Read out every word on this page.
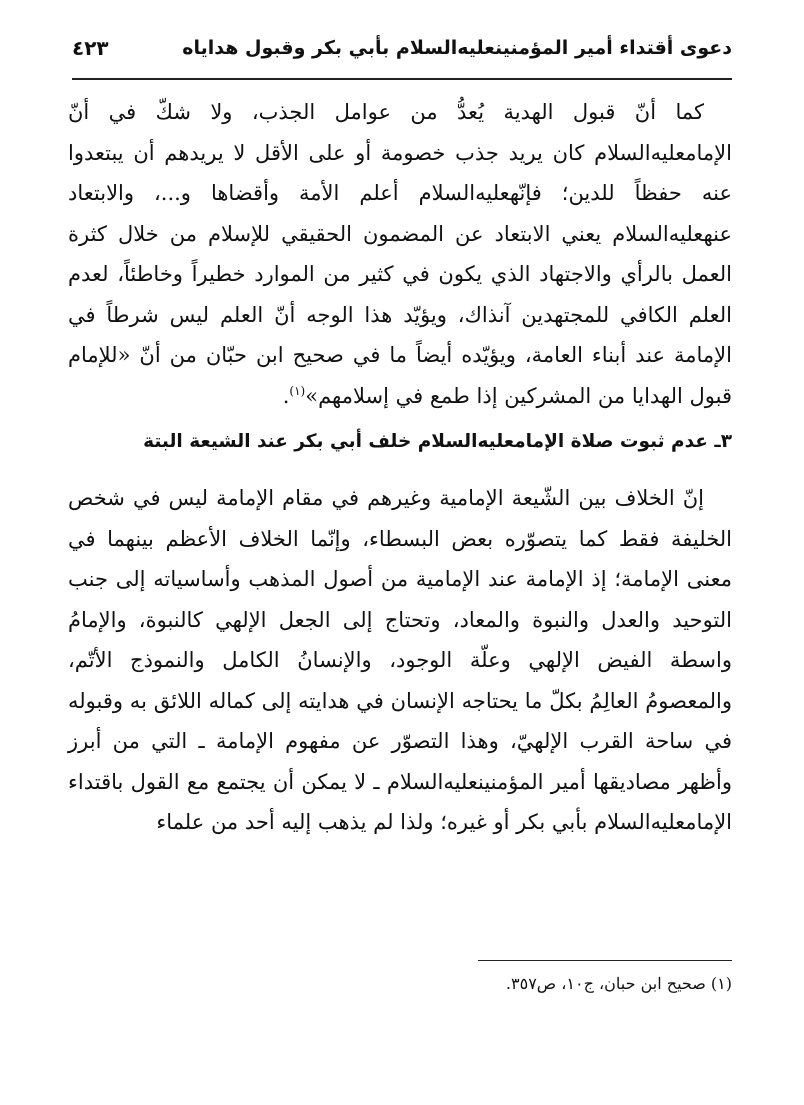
دعوى أقتداء أمير المؤمنينعليه‌السلام بأبي بكر وقبول هداياه
٤٢٣

كما أنّ قبول الهدية يُعدُّ من عوامل الجذب، ولا شكّ في أنّ الإمامعليه‌السلام كان يريد جذب خصومة أو على الأقل لا يريدهم أن يبتعدوا عنه حفظاً للدين؛ فإنّهعليه‌السلام أعلم الأمة وأقضاها و...، والابتعاد عنهعليه‌السلام يعني الابتعاد عن المضمون الحقيقي للإسلام من خلال كثرة العمل بالرأي والاجتهاد الذي يكون في كثير من الموارد خطيراً وخاطئاً، لعدم العلم الكافي للمجتهدين آنذاك، ويؤيّد هذا الوجه أنّ العلم ليس شرطاً في الإمامة عند أبناء العامة، ويؤيّده أيضاً ما في صحيح ابن حبّان من أنّ «للإمام قبول الهدايا من المشركين إذا طمع في إسلامهم»$^{(١)}$.

٣ـ عدم ثبوت صلاة الإمامعليه‌السلام خلف أبي بكر عند الشيعة البتة

إنّ الخلاف بين الشّيعة الإمامية وغيرهم في مقام الإمامة ليس في شخص الخليفة فقط كما يتصوّره بعض البسطاء، وإنّما الخلاف الأعظم بينهما في معنى الإمامة؛ إذ الإمامة عند الإمامية من أصول المذهب وأساسياته إلى جنب التوحيد والعدل والنبوة والمعاد، وتحتاج إلى الجعل الإلهي كالنبوة، والإمامُ واسطة الفيض الإلهي وعلّة الوجود، والإنسانُ الكامل والنموذج الأتّم، والمعصومُ العالِمُ بكلّ ما يحتاجه الإنسان في هدايته إلى كماله اللائق به وقبوله في ساحة القرب الإلهيّ، وهذا التصوّر عن مفهوم الإمامة ـ التي من أبرز وأظهر مصاديقها أمير المؤمنينعليه‌السلام ـ لا يمكن أن يجتمع مع القول باقتداء الإمامعليه‌السلام بأبي بكر أو غيره؛ ولذا لم يذهب إليه أحد من علماء

(١) صحيح ابن حبان، ج١٠، ص٣٥٧.
